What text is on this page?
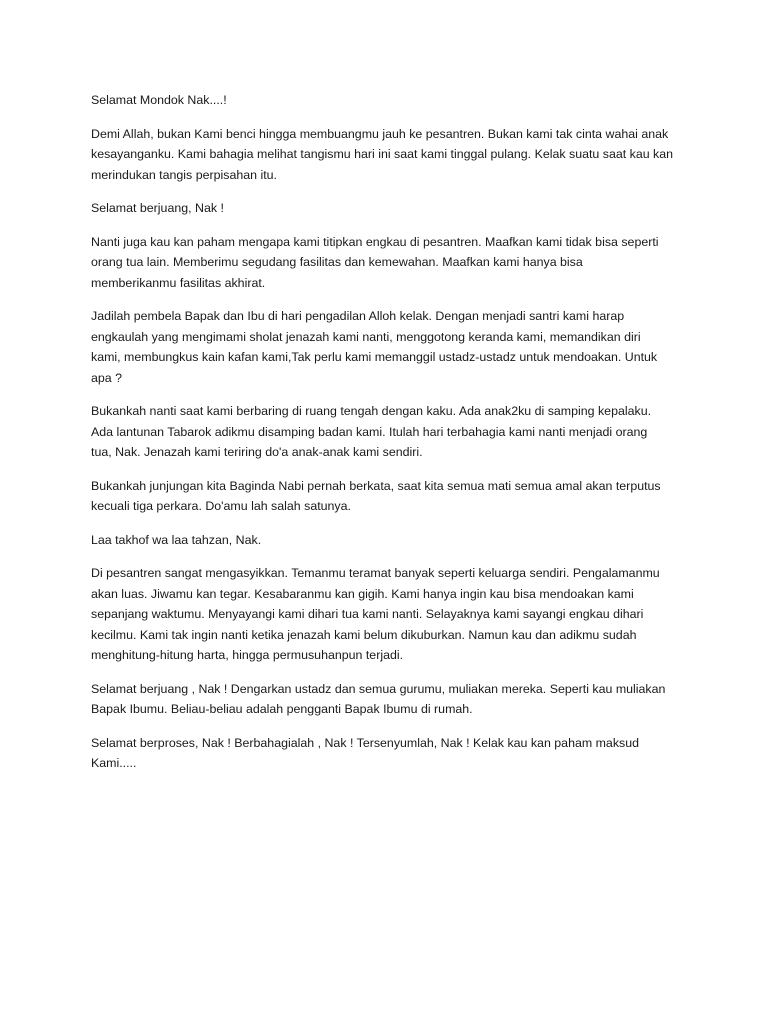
Selamat Mondok Nak....!

Demi Allah, bukan Kami benci hingga membuangmu jauh ke pesantren. Bukan kami tak cinta wahai anak
kesayanganku. Kami bahagia melihat tangismu hari ini saat kami tinggal pulang. Kelak suatu saat kau kan
merindukan tangis perpisahan itu.

Selamat berjuang, Nak !

Nanti juga kau kan paham mengapa kami titipkan engkau di pesantren. Maafkan kami tidak bisa seperti
orang tua lain. Memberimu segudang fasilitas dan kemewahan. Maafkan kami hanya bisa
memberikanmu fasilitas akhirat.

Jadilah pembela Bapak dan Ibu di hari pengadilan Alloh kelak. Dengan menjadi santri kami harap
engkaulah yang mengimami sholat jenazah kami nanti, menggotong keranda kami, memandikan diri
kami, membungkus kain kafan kami,Tak perlu kami memanggil ustadz-ustadz untuk mendoakan. Untuk
apa ?

Bukankah nanti saat kami berbaring di ruang tengah dengan kaku. Ada anak2ku di samping kepalaku.
Ada lantunan Tabarok adikmu disamping badan kami. Itulah hari terbahagia kami nanti menjadi orang
tua, Nak. Jenazah kami teriring do'a anak-anak kami sendiri.

Bukankah junjungan kita Baginda Nabi pernah berkata, saat kita semua mati semua amal akan terputus
kecuali tiga perkara. Do'amu lah salah satunya.

Laa takhof wa laa tahzan, Nak.

Di pesantren sangat mengasyikkan. Temanmu teramat banyak seperti keluarga sendiri. Pengalamanmu
akan luas. Jiwamu kan tegar. Kesabaranmu kan gigih. Kami hanya ingin kau bisa mendoakan kami
sepanjang waktumu. Menyayangi kami dihari tua kami nanti. Selayaknya kami sayangi engkau dihari
kecilmu. Kami tak ingin nanti ketika jenazah kami belum dikuburkan. Namun kau dan adikmu sudah
menghitung-hitung harta, hingga permusuhanpun terjadi.

Selamat berjuang , Nak ! Dengarkan ustadz dan semua gurumu, muliakan mereka. Seperti kau muliakan
Bapak Ibumu. Beliau-beliau adalah pengganti Bapak Ibumu di rumah.

Selamat berproses, Nak ! Berbahagialah , Nak ! Tersenyumlah, Nak ! Kelak kau kan paham maksud
Kami.....
